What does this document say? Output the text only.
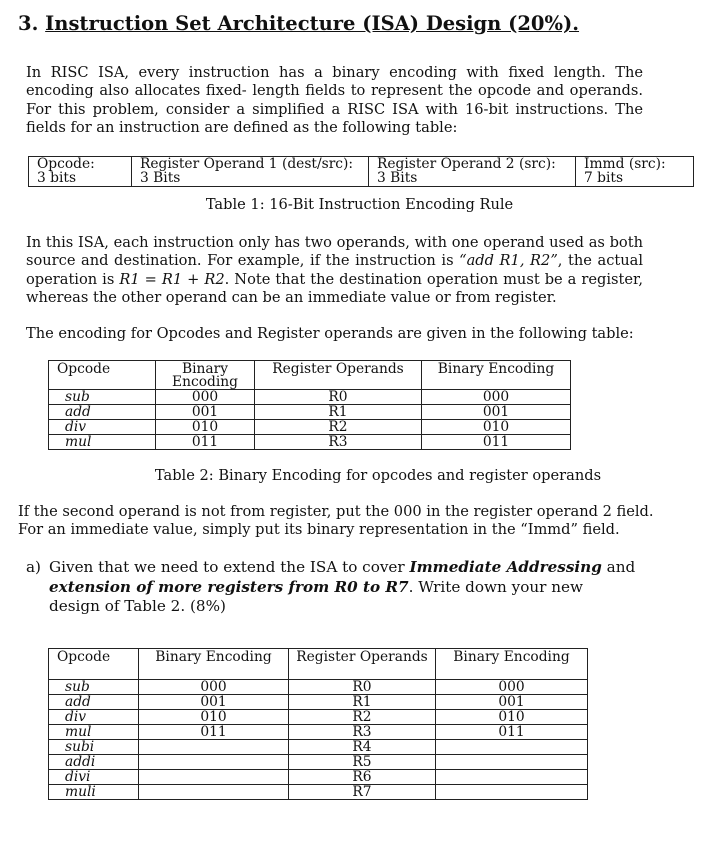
3. Instruction Set Architecture (ISA) Design (20%).

In RISC ISA, every instruction has a binary encoding with fixed length. The encoding also allocates fixed- length fields to represent the opcode and operands. For this problem, consider a simplified a RISC ISA with 16-bit instructions. The fields for an instruction are defined as the following table:

Opcode:
3 bits

Register Operand 1 (dest/src):
3 Bits

Register Operand 2 (src):
3 Bits

Immd (src):
7 bits
Table 1: 16-Bit Instruction Encoding Rule

In this ISA, each instruction only has two operands, with one operand used as both source and destination. For example, if the instruction is “add R1, R2”, the actual operation is R1 = R1 + R2. Note that the destination operation must be a register, whereas the other operand can be an immediate value or from register.

The encoding for Opcodes and Register operands are given in the following table:

Opcode	Binary Encoding	Register Operands	Binary Encoding
sub	000	R0	000
add	001	R1	001
div	010	R2	010
mul	011	R3	011
Table 2: Binary Encoding for opcodes and register operands

If the second operand is not from register, put the 000 in the register operand 2 field.

For an immediate value, simply put its binary representation in the “Immd” field.

a) Given that we need to extend the ISA to cover Immediate Addressing and extension of more registers from R0 to R7. Write down your new design of Table 2. (8%)
Opcode	Binary Encoding	Register Operands	Binary Encoding
sub	000	R0	000
add	001	R1	001
div	010	R2	010
mul	011	R3	011
subi		R4	
addi		R5	
divi		R6	
muli		R7	
